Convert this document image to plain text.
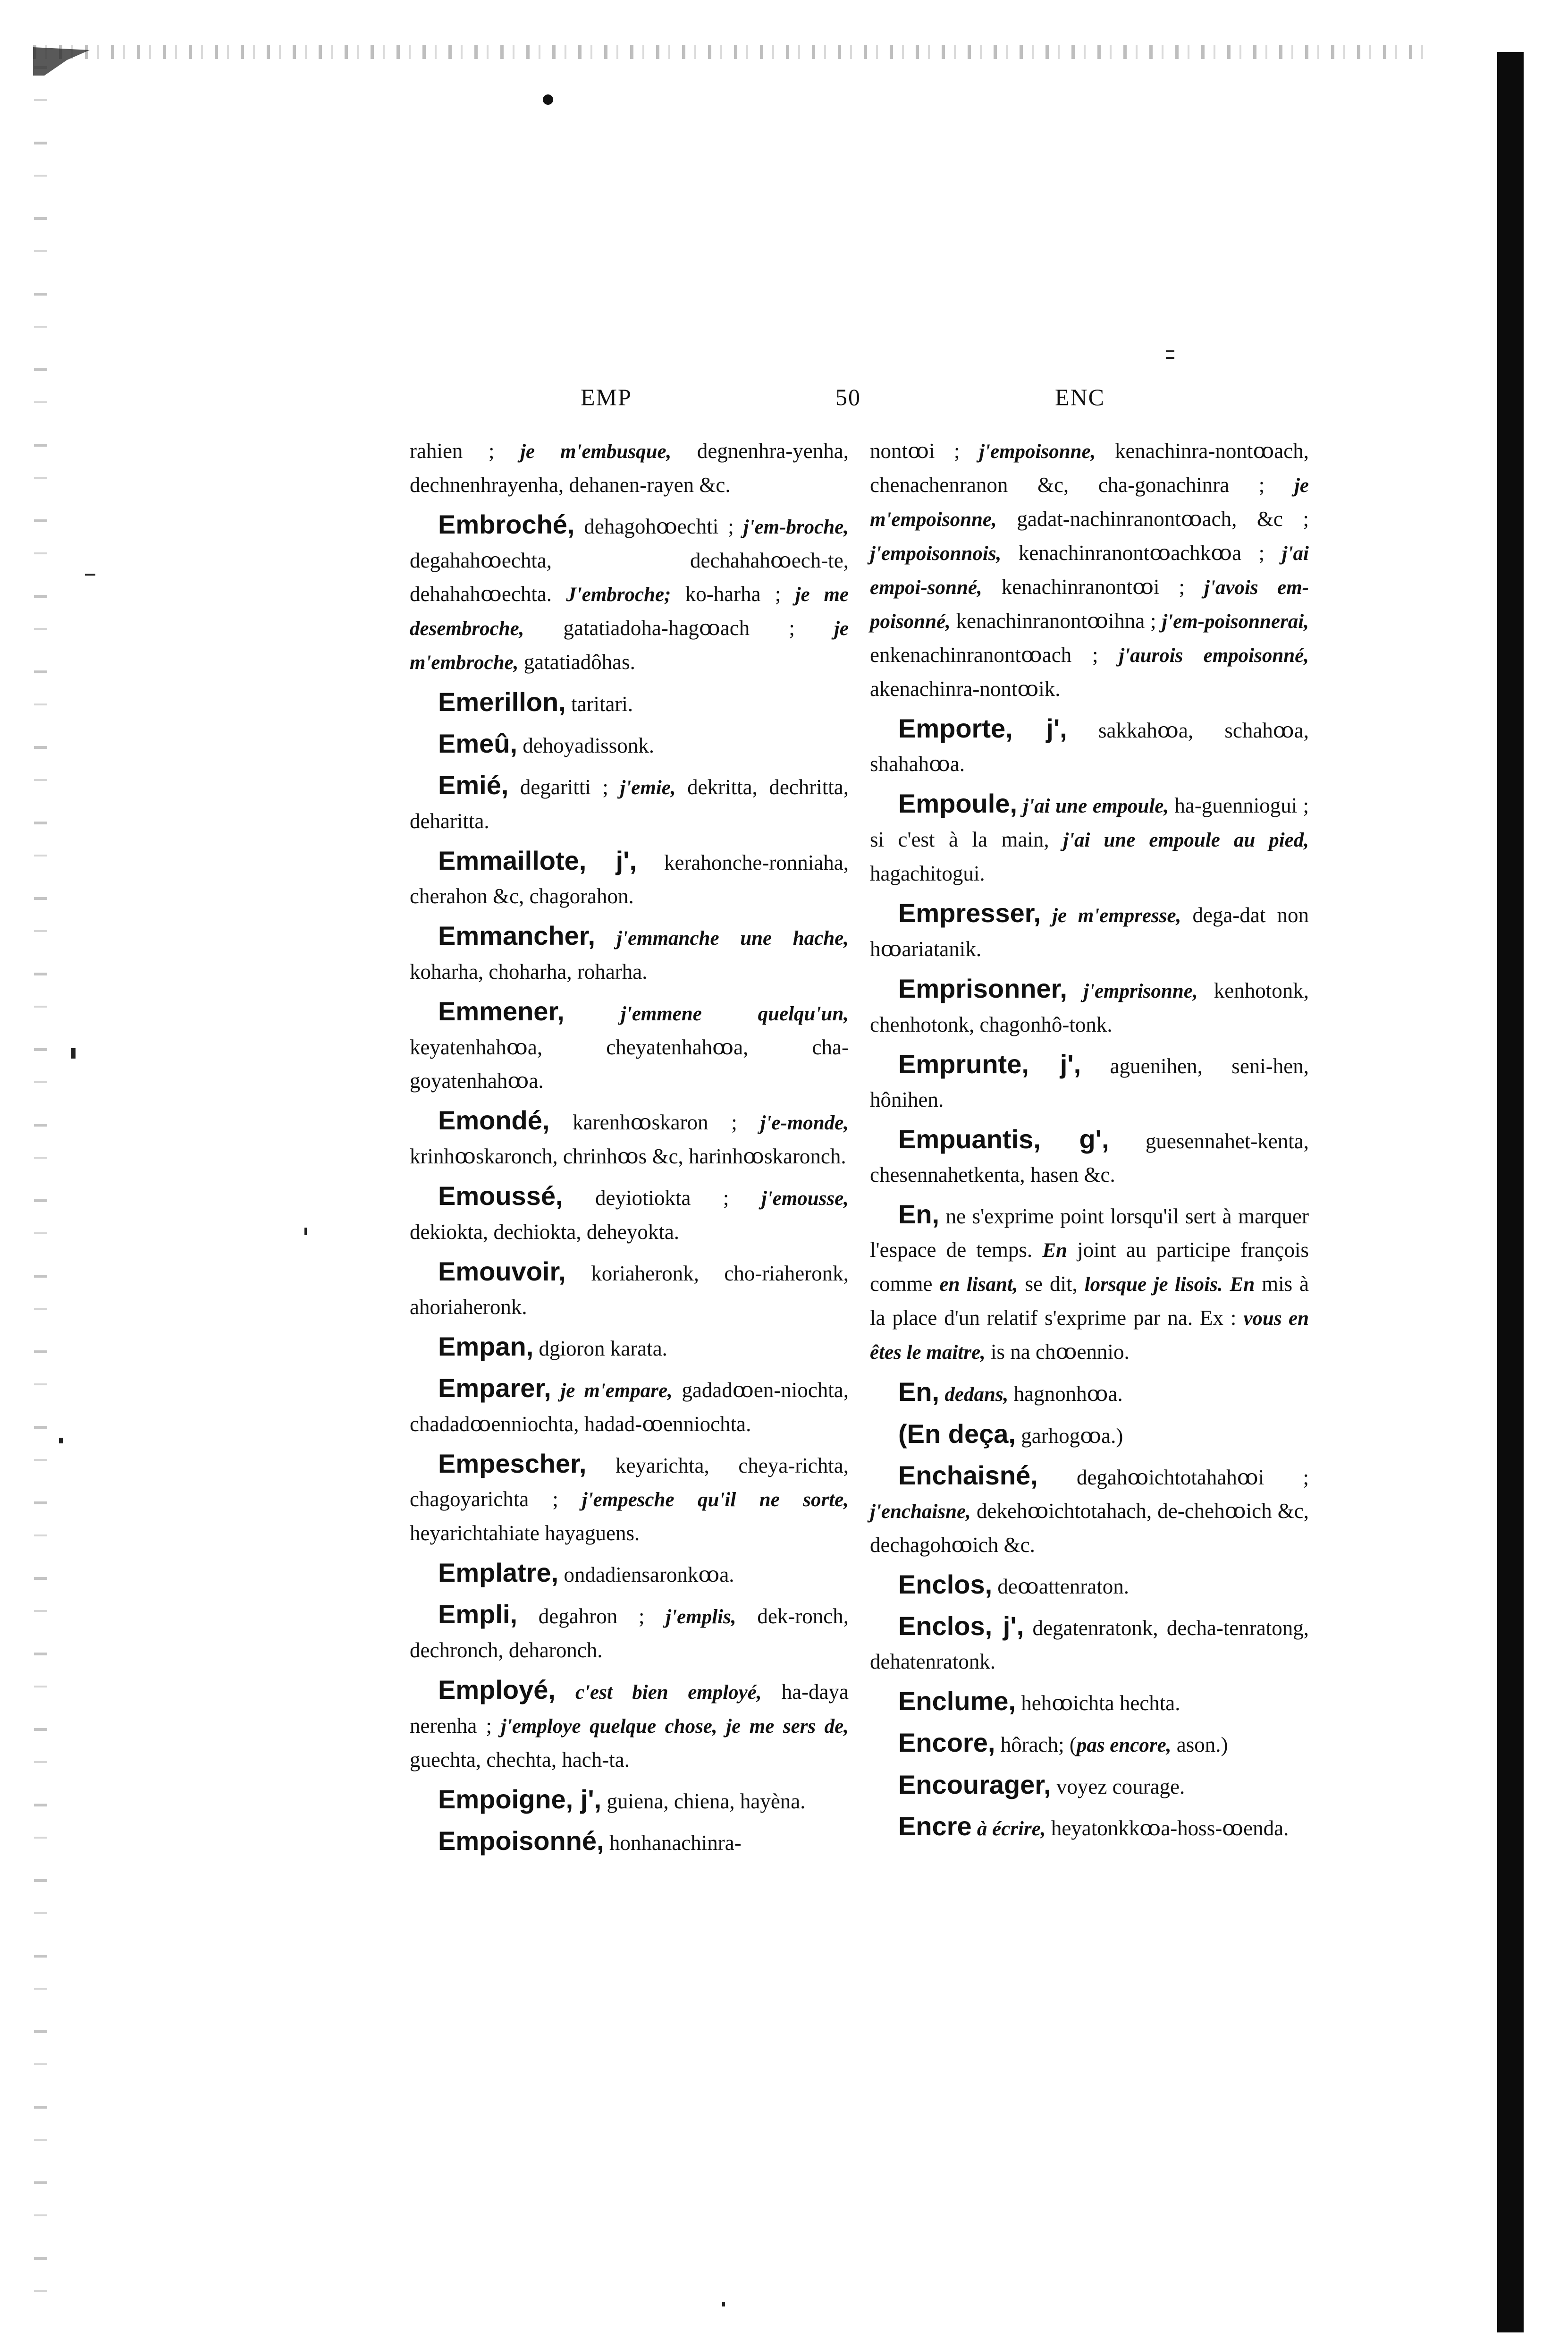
EMP	50	ENC

rahien ; je m'embusque, degnenhra-yenha, dechnenhrayenha, dehanen-rayen &c.

Embroché, dehagohꝏechti ; j'em-broche, degahahꝏechta, dechahahꝏech-te, dehahahꝏechta. J'embroche; ko-harha ; je me desembroche, gatatiadoha-hagꝏach ; je m'embroche, gatatiadôhas.

Emerillon, taritari.

Emeû, dehoyadissonk.

Emié, degaritti ; j'emie, dekritta, dechritta, deharitta.

Emmaillote, j', kerahonche-ronniaha, cherahon &c, chagorahon.

Emmancher, j'emmanche une hache, koharha, choharha, roharha.

Emmener,	j'emmene quelqu'un, keyatenhahꝏa, cheyatenhahꝏa, cha-goyatenhahꝏa.

Emondé, karenhꝏskaron ; j'e-monde, krinhꝏskaronch, chrinhꝏs &c, harinhꝏskaronch.

Emoussé, deyiotiokta ; j'emousse, dekiokta, dechiokta, deheyokta.

Emouvoir, koriaheronk, cho-riaheronk, ahoriaheronk.

Empan, dgioron karata.

Emparer, je m'empare, gadadꝏen-niochta, chadadꝏenniochta, hadad-ꝏenniochta.

Empescher, keyarichta, cheya-richta, chagoyarichta ; j'empesche qu'il ne sorte, heyarichtahiate hayaguens.

Emplatre, ondadiensaronkꝏa.

Empli, degahron ; j'emplis, dek-ronch, dechronch, deharonch.

Employé, c'est bien employé, ha-daya nerenha ; j'employe quelque chose, je me sers de, guechta, chechta, hach-ta.

Empoigne, j', guiena, chiena, hayèna.

Empoisonné, honhanachinra-

nontꝏi ; j'empoisonne, kenachinra-nontꝏach, chenachenranon &c, cha-gonachinra ; je m'empoisonne, gadat-nachinranontꝏach, &c ; j'empoisonnois, kenachinranontꝏachkꝏa ; j'ai empoi-sonné, kenachinranontꝏi ; j'avois em-poisonné, kenachinranontꝏihna ; j'em-poisonnerai, enkenachinranontꝏach ; j'aurois empoisonné, akenachinra-nontꝏik.

Emporte, j', sakkahꝏa, schahꝏa, shahahꝏa.

Empoule, j'ai une empoule, ha-guenniogui ; si c'est à la main, j'ai une empoule au pied, hagachitogui.

Empresser, je m'empresse, dega-dat non hꝏariatanik.

Emprisonner, j'emprisonne, kenhotonk, chenhotonk, chagonhô-tonk.

Emprunte, j', aguenihen, seni-hen, hônihen.

Empuantis, g', guesennahet-kenta, chesennahetkenta, hasen &c.

En, ne s'exprime point lorsqu'il sert à marquer l'espace de temps. En joint au participe françois comme en lisant, se dit, lorsque je lisois. En mis à la place d'un relatif s'exprime par na. Ex : vous en êtes le maitre, is na chꝏennio.

En, dedans, hagnonhꝏa.

(En deça, garhogꝏa.)

Enchaisné, degahꝏichtotahahꝏi ; j'enchaisne, dekehꝏichtotahach, de-chehꝏich &c, dechagohꝏich &c.

Enclos, deꝏattenraton.

Enclos, j', degatenratonk, decha-tenratong, dehatenratonk.

Enclume, hehꝏichta hechta.

Encore, hôrach; (pas encore, ason.)

Encourager, voyez courage.

Encre à écrire, heyatonkkꝏa-hoss-ꝏenda.
